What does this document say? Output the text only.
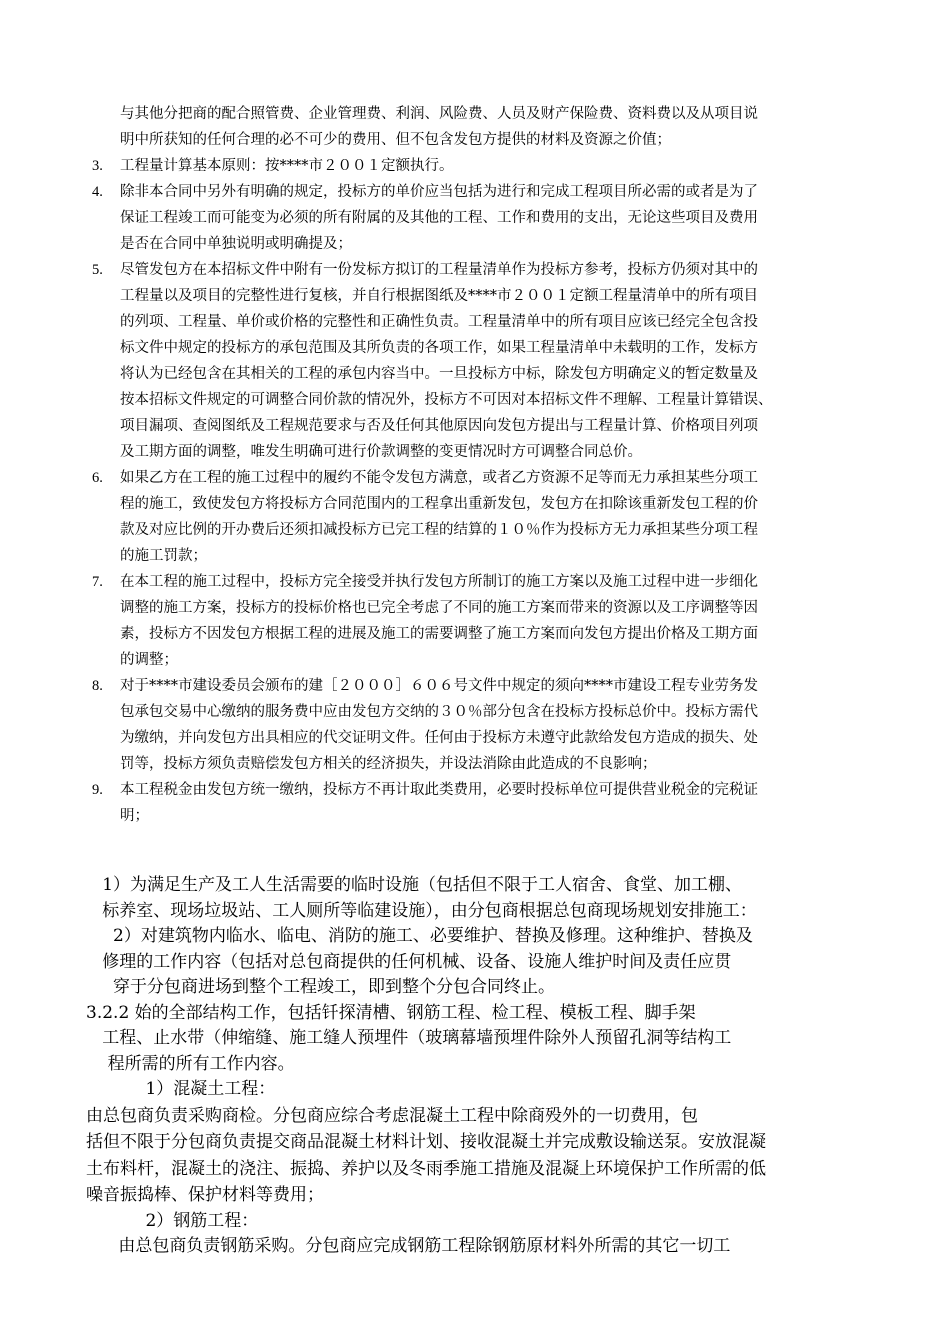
与其他分把商的配合照管费、企业管理费、利润、风险费、人员及财产保险费、资料费以及从项目说
明中所获知的任何合理的必不可少的费用、但不包含发包方提供的材料及资源之价值；
3.	工程量计算基本原则：按****市２００１定额执行。
4.	除非本合同中另外有明确的规定，投标方的单价应当包括为进行和完成工程项目所必需的或者是为了
保证工程竣工而可能变为必须的所有附属的及其他的工程、工作和费用的支出，无论这些项目及费用
是否在合同中单独说明或明确提及；
5.	尽管发包方在本招标文件中附有一份发标方拟订的工程量清单作为投标方参考，投标方仍须对其中的
工程量以及项目的完整性进行复核，并自行根据图纸及****市２００１定额工程量清单中的所有项目
的列项、工程量、单价或价格的完整性和正确性负责。工程量清单中的所有项目应该已经完全包含投
标文件中规定的投标方的承包范围及其所负责的各项工作，如果工程量清单中未载明的工作，发标方
将认为已经包含在其相关的工程的承包内容当中。一旦投标方中标，除发包方明确定义的暂定数量及
按本招标文件规定的可调整合同价款的情况外，投标方不可因对本招标文件不理解、工程量计算错误、
项目漏项、查阅图纸及工程规范要求与否及任何其他原因向发包方提出与工程量计算、价格项目列项
及工期方面的调整，唯发生明确可进行价款调整的变更情况时方可调整合同总价。
6.	如果乙方在工程的施工过程中的履约不能令发包方满意，或者乙方资源不足等而无力承担某些分项工
程的施工，致使发包方将投标方合同范围内的工程拿出重新发包，发包方在扣除该重新发包工程的价
款及对应比例的开办费后还须扣减投标方已完工程的结算的１０％作为投标方无力承担某些分项工程
的施工罚款；
7.	在本工程的施工过程中，投标方完全接受并执行发包方所制订的施工方案以及施工过程中进一步细化
调整的施工方案，投标方的投标价格也已完全考虑了不同的施工方案而带来的资源以及工序调整等因
素，投标方不因发包方根据工程的进展及施工的需要调整了施工方案而向发包方提出价格及工期方面
的调整；
8.	对于****市建设委员会颁布的建［２０００］６０６号文件中规定的须向****市建设工程专业劳务发
包承包交易中心缴纳的服务费中应由发包方交纳的３０％部分包含在投标方投标总价中。投标方需代
为缴纳，并向发包方出具相应的代交证明文件。任何由于投标方未遵守此款给发包方造成的损失、处
罚等，投标方须负责赔偿发包方相关的经济损失，并设法消除由此造成的不良影响；
9.	本工程税金由发包方统一缴纳，投标方不再计取此类费用，必要时投标单位可提供营业税金的完税证
明；
1）为满足生产及工人生活需要的临时设施（包括但不限于工人宿舍、食堂、加工棚、
标养室、现场垃圾站、工人厕所等临建设施），由分包商根据总包商现场规划安排施工：
2）对建筑物内临水、临电、消防的施工、必要维护、替换及修理。这种维护、替换及
修理的工作内容（包括对总包商提供的任何机械、设备、设施人维护时间及责任应贯
穿于分包商进场到整个工程竣工，即到整个分包合同终止。
3.2.2 始的全部结构工作，包括钎探清槽、钢筋工程、检工程、模板工程、脚手架
工程、止水带（伸缩缝、施工缝人预埋件（玻璃幕墙预埋件除外人预留孔洞等结构工
程所需的所有工作内容。
1）混凝土工程：
由总包商负责采购商检。分包商应综合考虑混凝土工程中除商殁外的一切费用，包
括但不限于分包商负责提交商品混凝土材料计划、接收混凝土并完成敷设输送泵。安放混凝
土布料杆，混凝土的浇注、振捣、养护以及冬雨季施工措施及混凝上环境保护工作所需的低
噪音振捣棒、保护材料等费用；
2）钢筋工程：
由总包商负责钢筋采购。分包商应完成钢筋工程除钢筋原材料外所需的其它一切工
